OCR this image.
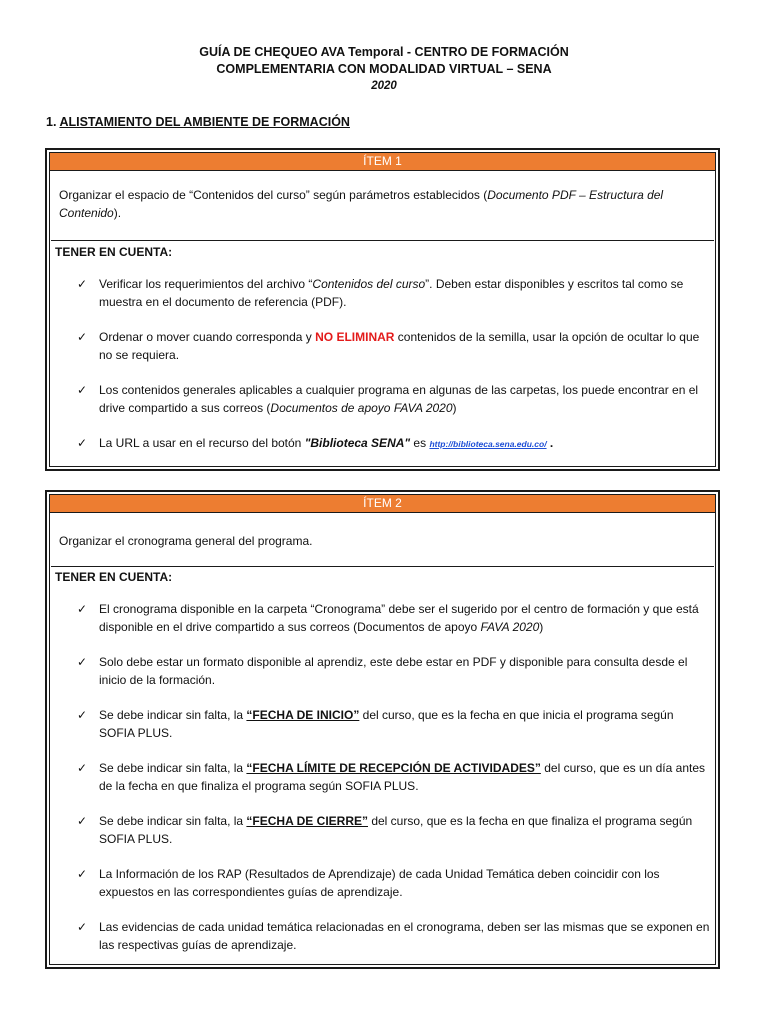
GUÍA DE CHEQUEO AVA Temporal - CENTRO DE FORMACIÓN
COMPLEMENTARIA CON MODALIDAD VIRTUAL – SENA
2020
1. ALISTAMIENTO DEL AMBIENTE DE FORMACIÓN
ÍTEM 1
Organizar el espacio de “Contenidos del curso” según parámetros establecidos (Documento PDF – Estructura del Contenido).
TENER EN CUENTA:
✓ Verificar los requerimientos del archivo “Contenidos del curso”. Deben estar disponibles y escritos tal como se muestra en el documento de referencia (PDF).
✓ Ordenar o mover cuando corresponda y NO ELIMINAR contenidos de la semilla, usar la opción de ocultar lo que no se requiera.
✓ Los contenidos generales aplicables a cualquier programa en algunas de las carpetas, los puede encontrar en el drive compartido a sus correos (Documentos de apoyo FAVA 2020)
✓ La URL a usar en el recurso del botón "Biblioteca SENA" es http://biblioteca.sena.edu.co/ .
ÍTEM 2
Organizar el cronograma general del programa.
TENER EN CUENTA:
✓ El cronograma disponible en la carpeta “Cronograma” debe ser el sugerido por el centro de formación y que está disponible en el drive compartido a sus correos (Documentos de apoyo FAVA 2020)
✓ Solo debe estar un formato disponible al aprendiz, este debe estar en PDF y disponible para consulta desde el inicio de la formación.
✓ Se debe indicar sin falta, la “FECHA DE INICIO” del curso, que es la fecha en que inicia el programa según SOFIA PLUS.
✓ Se debe indicar sin falta, la “FECHA LÍMITE DE RECEPCIÓN DE ACTIVIDADES” del curso, que es un día antes de la fecha en que finaliza el programa según SOFIA PLUS.
✓ Se debe indicar sin falta, la “FECHA DE CIERRE” del curso, que es la fecha en que finaliza el programa según SOFIA PLUS.
✓ La Información de los RAP (Resultados de Aprendizaje) de cada Unidad Temática deben coincidir con los expuestos en las correspondientes guías de aprendizaje.
✓ Las evidencias de cada unidad temática relacionadas en el cronograma, deben ser las mismas que se exponen en las respectivas guías de aprendizaje.
